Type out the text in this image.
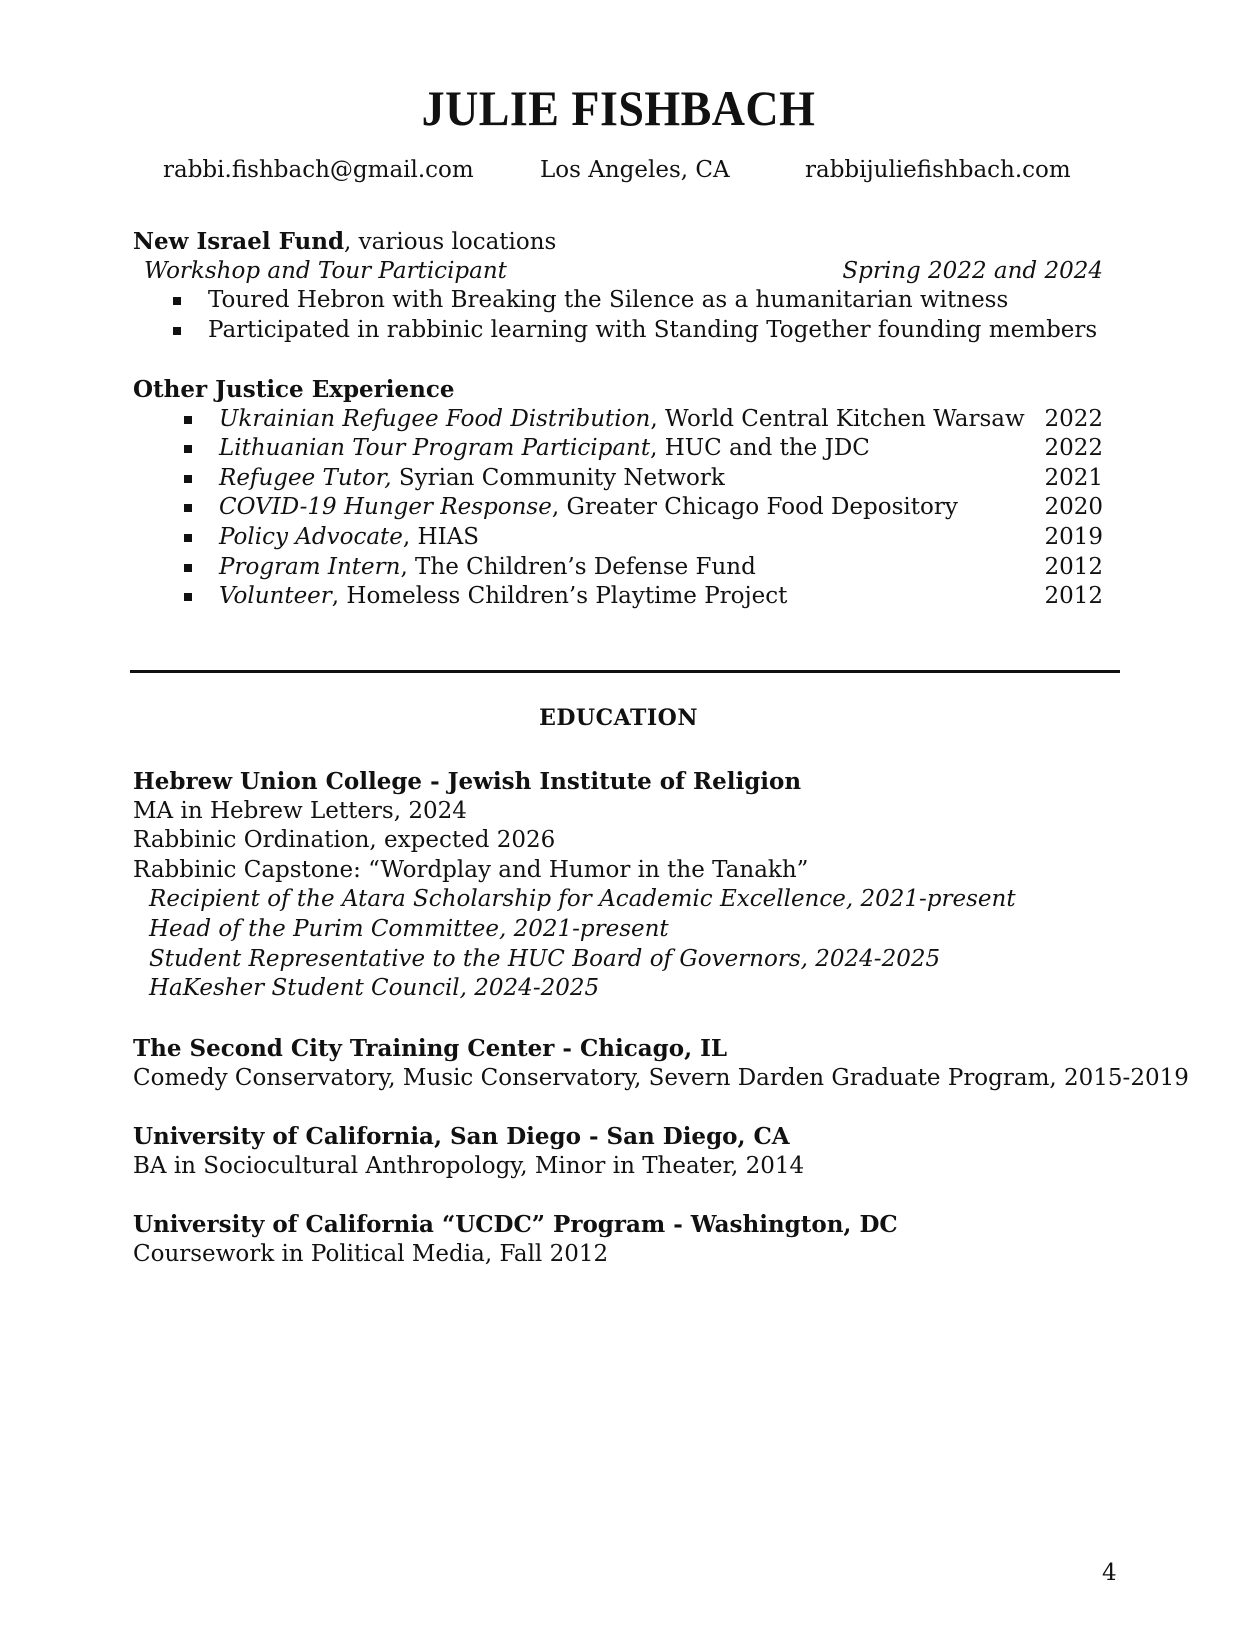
JULIE FISHBACH
rabbi.fishbach@gmail.com	Los Angeles, CA	rabbijuliefishbach.com
New Israel Fund, various locations
Workshop and Tour Participant	Spring 2022 and 2024
Toured Hebron with Breaking the Silence as a humanitarian witness
Participated in rabbinic learning with Standing Together founding members
Other Justice Experience
Ukrainian Refugee Food Distribution, World Central Kitchen Warsaw 2022
Lithuanian Tour Program Participant, HUC and the JDC	2022
Refugee Tutor, Syrian Community Network	2021
COVID-19 Hunger Response, Greater Chicago Food Depository	2020
Policy Advocate, HIAS	2019
Program Intern, The Children’s Defense Fund	2012
Volunteer, Homeless Children’s Playtime Project	2012
EDUCATION
Hebrew Union College - Jewish Institute of Religion
MA in Hebrew Letters, 2024
Rabbinic Ordination, expected 2026
Rabbinic Capstone: “Wordplay and Humor in the Tanakh”
Recipient of the Atara Scholarship for Academic Excellence, 2021-present
Head of the Purim Committee, 2021-present
Student Representative to the HUC Board of Governors, 2024-2025
HaKesher Student Council, 2024-2025
The Second City Training Center - Chicago, IL
Comedy Conservatory, Music Conservatory, Severn Darden Graduate Program, 2015-2019
University of California, San Diego - San Diego, CA
BA in Sociocultural Anthropology, Minor in Theater, 2014
University of California “UCDC” Program - Washington, DC
Coursework in Political Media, Fall 2012
4
